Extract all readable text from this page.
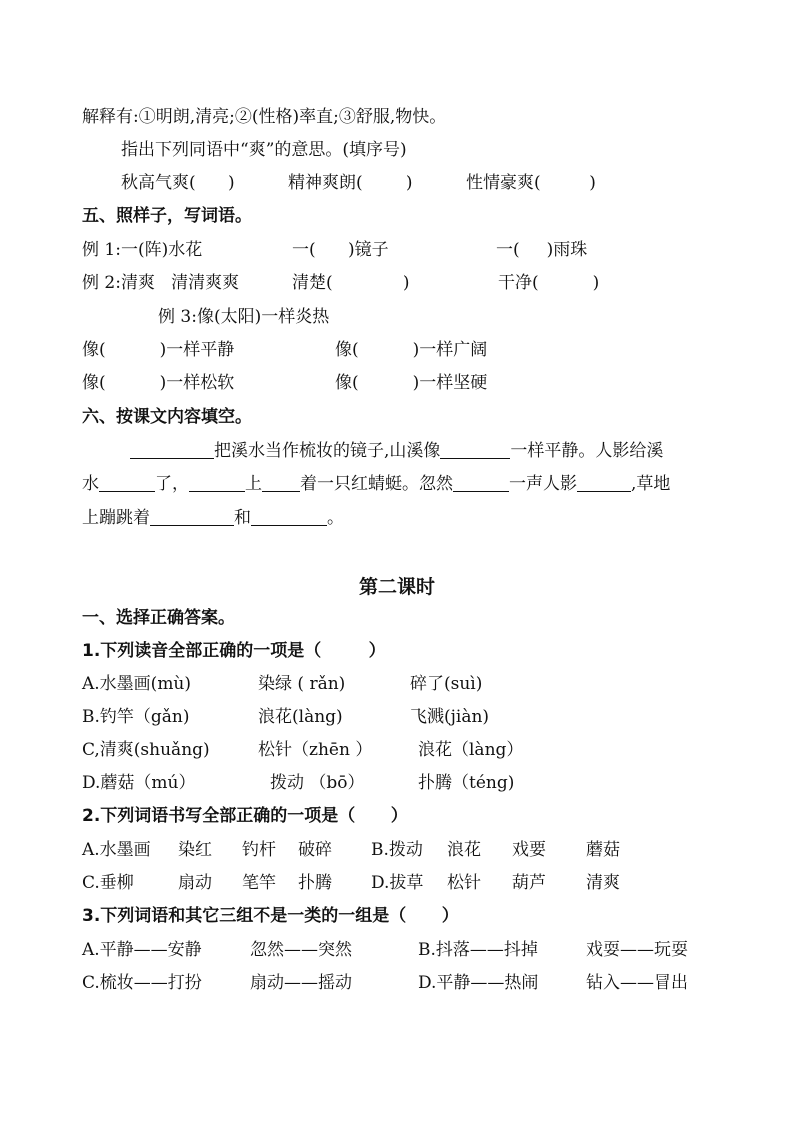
解释有:①明朗,清亮;②(性格)率直;③舒服,物快。
指出下列同语中“爽”的意思。(填序号)
秋高气爽(      )	精神爽朗(        )	性情豪爽(         )
五、照样子，写词语。
例 1:一(阵)水花	一(      )镜子	一(     )雨珠
例 2:清爽   清清爽爽	清楚(             )	干净(          )
例 3:像(太阳)一样炎热
像(          )一样平静	像(          )一样广阔
像(          )一样松软	像(          )一样坚硬
六、按课文内容填空。
把溪水当作梳妆的镜子,山溪像	一样平静。人影给溪
水	了，	上 着一只红蜻蜓。忽然	一声人影	,草地
上蹦跳着	和	。
第二课时
一、选择正确答案。
1.下列读音全部正确的一项是（        ）
A.水墨画(mù)	染绿 ( rǎn)	碎了(suì)
B.钓竿（gǎn)	浪花(làng)	飞溅(jiàn)
C,清爽(shuǎng)	松针（zhēn ）	浪花（làng）
D.蘑菇（mú）	拨动 （bō）	扑腾（téng)
2.下列词语书写全部正确的一项是（      ）
A.水墨画 染红 钓杆 破碎 B.拨动 浪花 戏要 蘑菇
C.垂柳	扇动 笔竿 扑腾 D.拔草 松针 葫芦 清爽
3.下列词语和其它三组不是一类的一组是（      ）
A.平静——安静	忽然——突然	B.抖落——抖掉	戏耍——玩耍
C.梳妆——打扮	扇动——摇动	D.平静——热闹	钻入——冒出
